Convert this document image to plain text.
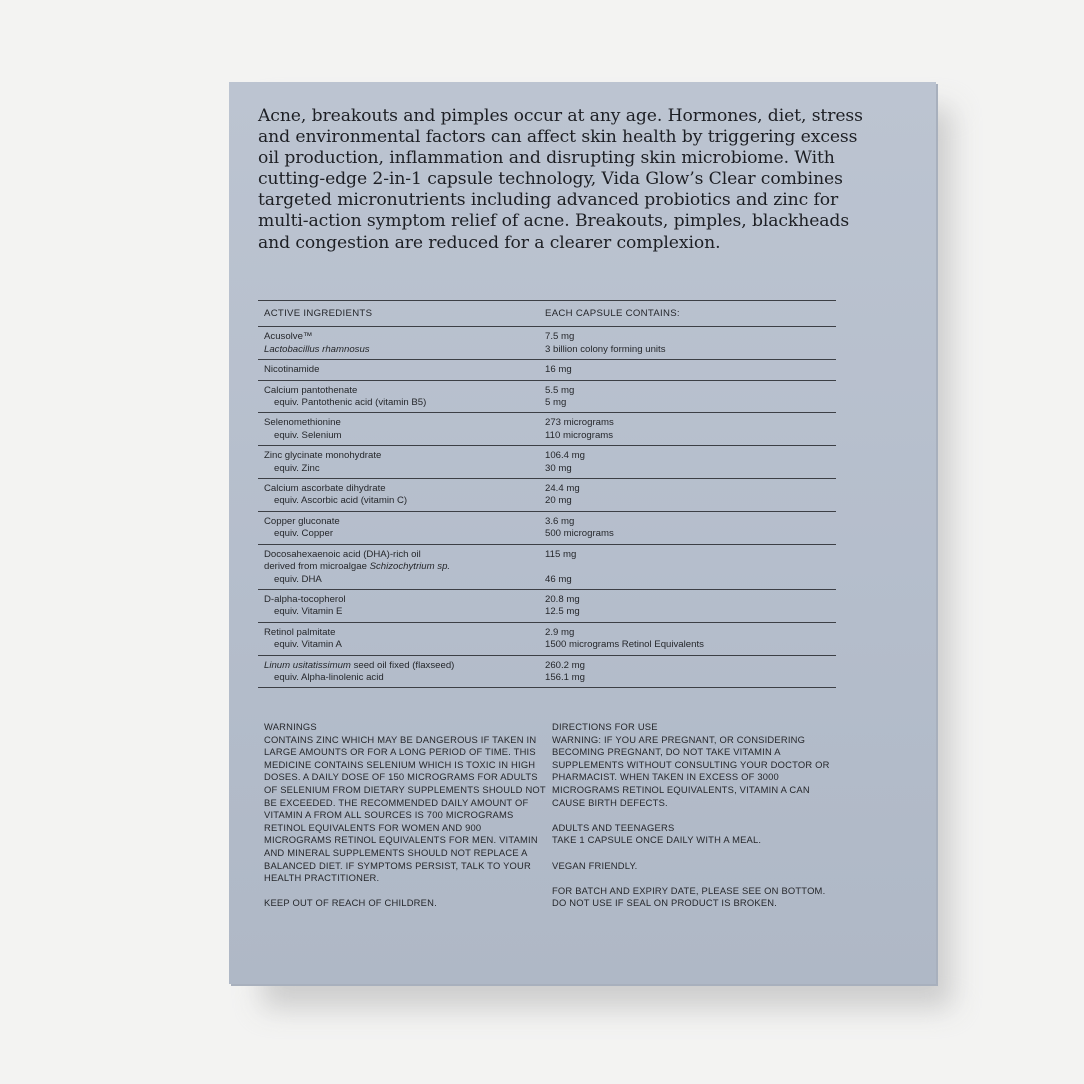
Acne, breakouts and pimples occur at any age. Hormones, diet, stress and environmental factors can affect skin health by triggering excess oil production, inflammation and disrupting skin microbiome. With cutting-edge 2-in-1 capsule technology, Vida Glow’s Clear combines targeted micronutrients including advanced probiotics and zinc for multi-action symptom relief of acne. Breakouts, pimples, blackheads and congestion are reduced for a clearer complexion.

ACTIVE INGREDIENTS	EACH CAPSULE CONTAINS:
Acusolve™
Lactobacillus rhamnosus
7.5 mg
3 billion colony forming units
Nicotinamide	16 mg
Calcium pantothenate
equiv. Pantothenic acid (vitamin B5)
5.5 mg
5 mg
Selenomethionine
equiv. Selenium
273 micrograms
110 micrograms
Zinc glycinate monohydrate
equiv. Zinc
106.4 mg
30 mg
Calcium ascorbate dihydrate
equiv. Ascorbic acid (vitamin C)
24.4 mg
20 mg
Copper gluconate
equiv. Copper
3.6 mg
500 micrograms
Docosahexaenoic acid (DHA)-rich oil
derived from microalgae Schizochytrium sp.
equiv. DHA
115 mg

46 mg
D-alpha-tocopherol
equiv. Vitamin E
20.8 mg
12.5 mg
Retinol palmitate
equiv. Vitamin A
2.9 mg
1500 micrograms Retinol Equivalents
Linum usitatissimum seed oil fixed (flaxseed)
equiv. Alpha-linolenic acid
260.2 mg
156.1 mg
WARNINGS

CONTAINS ZINC WHICH MAY BE DANGEROUS IF TAKEN IN LARGE AMOUNTS OR FOR A LONG PERIOD OF TIME. THIS MEDICINE CONTAINS SELENIUM WHICH IS TOXIC IN HIGH DOSES. A DAILY DOSE OF 150 MICROGRAMS FOR ADULTS OF SELENIUM FROM DIETARY SUPPLEMENTS SHOULD NOT BE EXCEEDED. THE RECOMMENDED DAILY AMOUNT OF VITAMIN A FROM ALL SOURCES IS 700 MICROGRAMS RETINOL EQUIVALENTS FOR WOMEN AND 900 MICROGRAMS RETINOL EQUIVALENTS FOR MEN. VITAMIN AND MINERAL SUPPLEMENTS SHOULD NOT REPLACE A BALANCED DIET. IF SYMPTOMS PERSIST, TALK TO YOUR HEALTH PRACTITIONER.

KEEP OUT OF REACH OF CHILDREN.

DIRECTIONS FOR USE

WARNING: IF YOU ARE PREGNANT, OR CONSIDERING BECOMING PREGNANT, DO NOT TAKE VITAMIN A SUPPLEMENTS WITHOUT CONSULTING YOUR DOCTOR OR PHARMACIST. WHEN TAKEN IN EXCESS OF 3000 MICROGRAMS RETINOL EQUIVALENTS, VITAMIN A CAN CAUSE BIRTH DEFECTS.

ADULTS AND TEENAGERS

TAKE 1 CAPSULE ONCE DAILY WITH A MEAL.

VEGAN FRIENDLY.

FOR BATCH AND EXPIRY DATE, PLEASE SEE ON BOTTOM. DO NOT USE IF SEAL ON PRODUCT IS BROKEN.
